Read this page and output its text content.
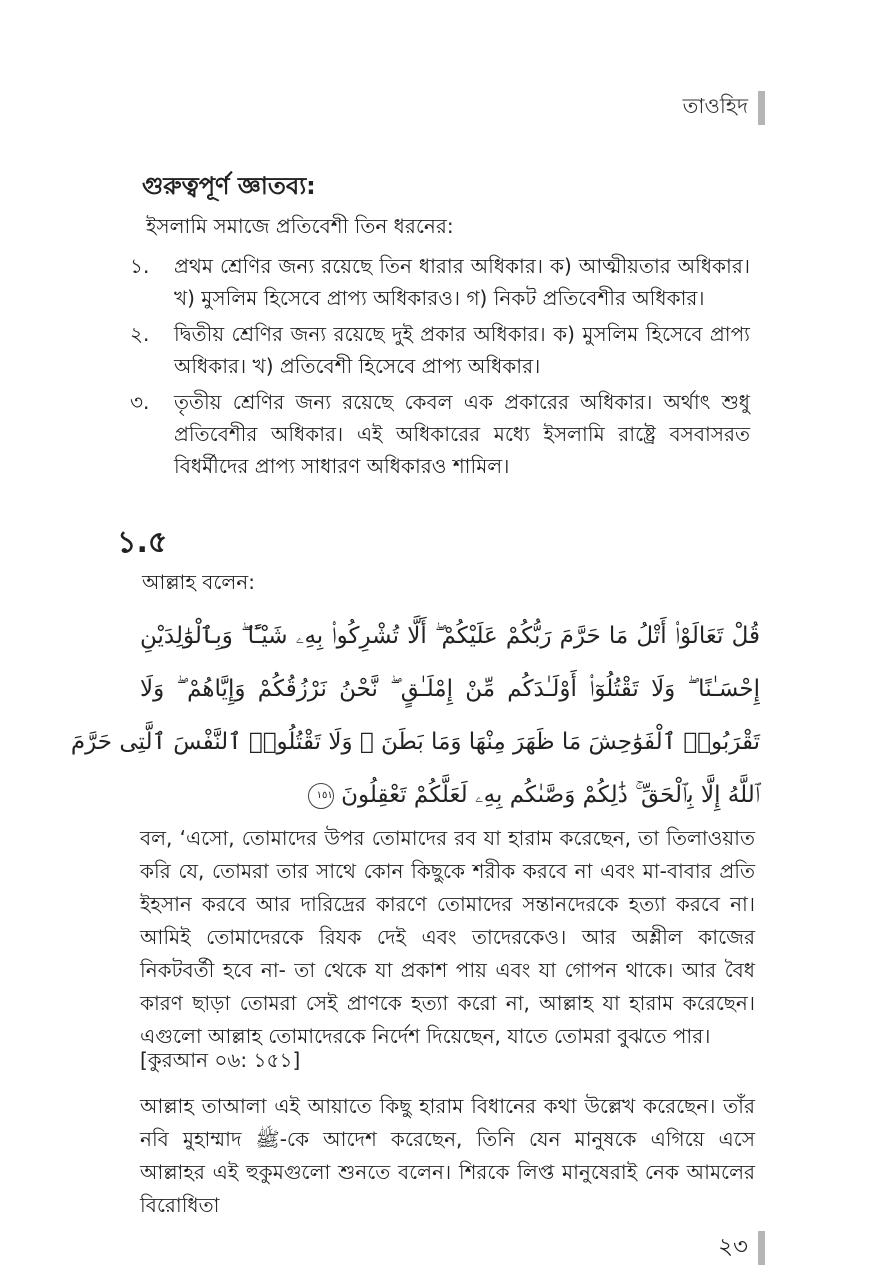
তাওহিদ
গুরুত্বপূর্ণ জ্ঞাতব্য:

ইসলামি সমাজে প্রতিবেশী তিন ধরনের:

১.	প্রথম শ্রেণির জন্য রয়েছে তিন ধারার অধিকার। ক) আত্মীয়তার অধিকার। খ) মুসলিম হিসেবে প্রাপ্য অধিকারও। গ) নিকট প্রতিবেশীর অধিকার।
২.	দ্বিতীয় শ্রেণির জন্য রয়েছে দুই প্রকার অধিকার। ক) মুসলিম হিসেবে প্রাপ্য অধিকার। খ) প্রতিবেশী হিসেবে প্রাপ্য অধিকার।
৩.	তৃতীয় শ্রেণির জন্য রয়েছে কেবল এক প্রকারের অধিকার। অর্থাৎ শুধু প্রতিবেশীর অধিকার। এই অধিকারের মধ্যে ইসলামি রাষ্ট্রে বসবাসরত বিধর্মীদের প্রাপ্য সাধারণ অধিকারও শামিল।
১.৫

আল্লাহ বলেন:

قُلْ تَعَالَوْا۟ أَتْلُ مَا حَرَّمَ رَبُّكُمْ عَلَيْكُمْ ۖ أَلَّا تُشْرِكُوا۟ بِهِۦ شَيْـًٔا ۖ وَبِٱلْوَٰلِدَيْنِ
إِحْسَـٰنًا ۖ وَلَا تَقْتُلُوٓا۟ أَوْلَـٰدَكُم مِّنْ إِمْلَـٰقٍ ۖ نَّحْنُ نَرْزُقُكُمْ وَإِيَّاهُمْ ۖ وَلَا
تَقْرَبُوا۟ ٱلْفَوَٰحِشَ مَا ظَهَرَ مِنْهَا وَمَا بَطَنَ ۖ وَلَا تَقْتُلُوا۟ ٱلنَّفْسَ ٱلَّتِى حَرَّمَ
ٱللَّهُ إِلَّا بِٱلْحَقِّ ۚ ذَٰلِكُمْ وَصَّىٰكُم بِهِۦ لَعَلَّكُمْ تَعْقِلُونَ ١٥١

বল, ‘এসো, তোমাদের উপর তোমাদের রব যা হারাম করেছেন, তা তিলাওয়াত করি যে, তোমরা তার সাথে কোন কিছুকে শরীক করবে না এবং মা-বাবার প্রতি ইহসান করবে আর দারিদ্রের কারণে তোমাদের সন্তানদেরকে হত্যা করবে না। আমিই তোমাদেরকে রিযক দেই এবং তাদেরকেও। আর অশ্লীল কাজের নিকটবর্তী হবে না- তা থেকে যা প্রকাশ পায় এবং যা গোপন থাকে। আর বৈধ কারণ ছাড়া তোমরা সেই প্রাণকে হত্যা করো না, আল্লাহ যা হারাম করেছেন। এগুলো আল্লাহ তোমাদেরকে নির্দেশ দিয়েছেন, যাতে তোমরা বুঝতে পার।

[কুরআন ০৬: ১৫১]

আল্লাহ তাআলা এই আয়াতে কিছু হারাম বিধানের কথা উল্লেখ করেছেন। তাঁর নবি মুহাম্মাদ ﷺ-কে আদেশ করেছেন, তিনি যেন মানুষকে এগিয়ে এসে আল্লাহর এই হুকুমগুলো শুনতে বলেন। শিরকে লিপ্ত মানুষেরাই নেক আমলের বিরোধিতা

২৩
